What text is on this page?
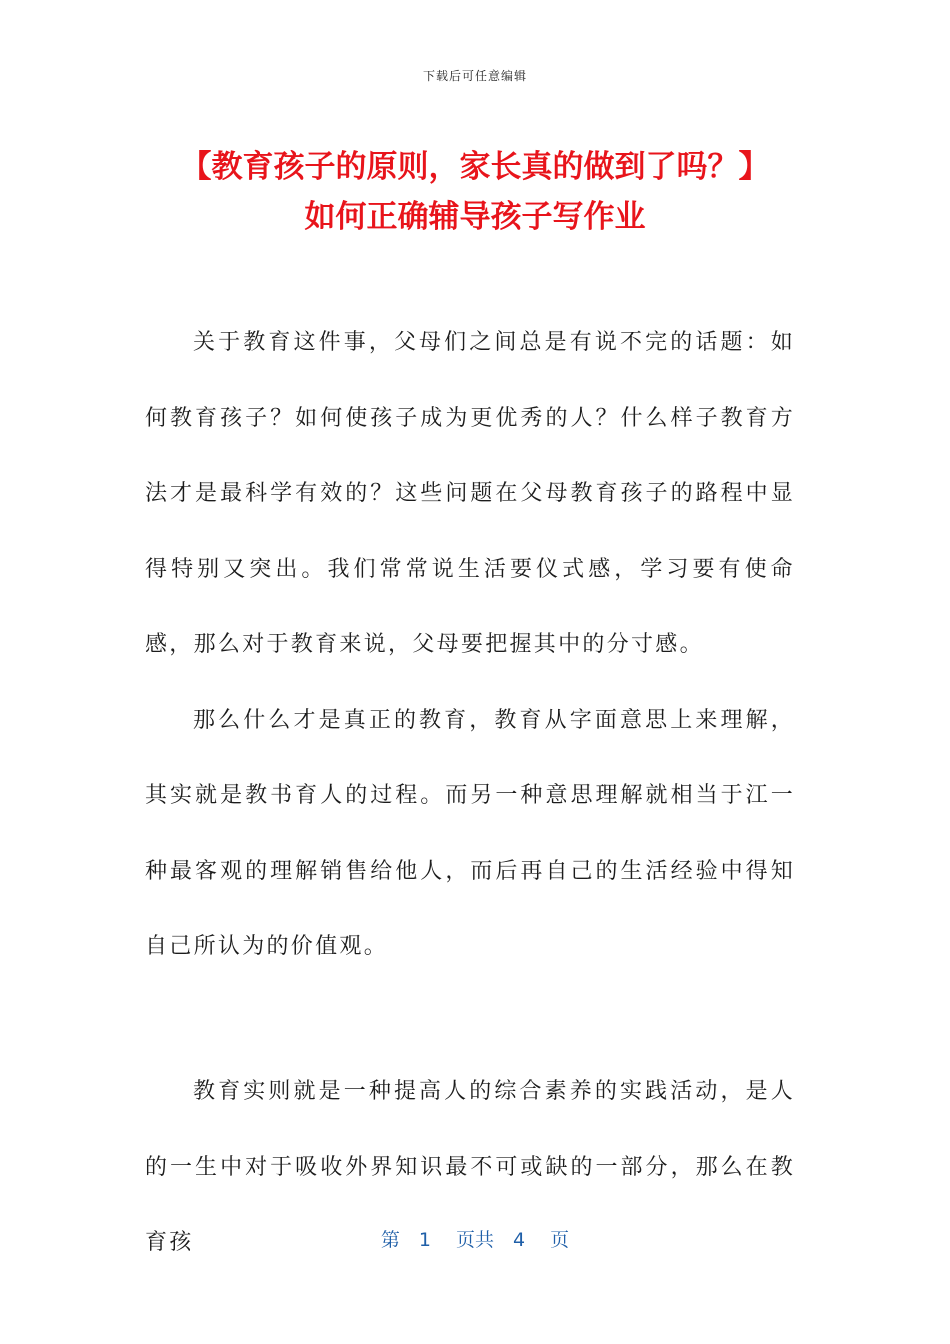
下载后可任意编辑
【教育孩子的原则，家长真的做到了吗？】
如何正确辅导孩子写作业

关于教育这件事，父母们之间总是有说不完的话题：如何教育孩子？如何使孩子成为更优秀的人？什么样子教育方法才是最科学有效的？这些问题在父母教育孩子的路程中显得特别又突出。我们常常说生活要仪式感，学习要有使命感，那么对于教育来说，父母要把握其中的分寸感。

那么什么才是真正的教育，教育从字面意思上来理解，其实就是教书育人的过程。而另一种意思理解就相当于江一种最客观的理解销售给他人，而后再自己的生活经验中得知自己所认为的价值观。

教育实则就是一种提高人的综合素养的实践活动，是人的一生中对于吸收外界知识最不可或缺的一部分，那么在教育孩	第　1　 页共　4　 页
